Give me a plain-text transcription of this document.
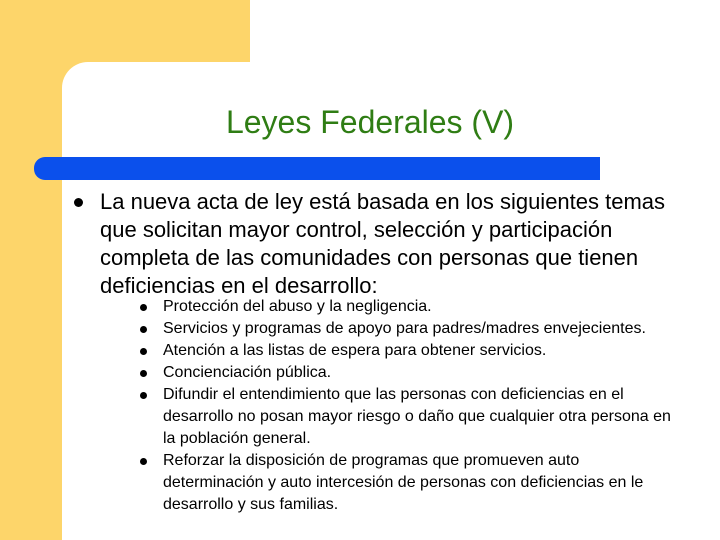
Leyes Federales (V)
La nueva acta de ley está basada en los siguientes temas que solicitan mayor control, selección y participación completa de las comunidades con personas que tienen deficiencias en el desarrollo:
Protección del abuso y la negligencia.
Servicios y programas de apoyo para padres/madres envejecientes.
Atención a las listas de espera para obtener servicios.
Concienciación pública.
Difundir el entendimiento que las personas con deficiencias en el desarrollo no posan mayor riesgo o daño que cualquier otra persona en la población general.
Reforzar la disposición de programas que promueven auto determinación y auto intercesión de personas con deficiencias en le desarrollo y sus familias.
